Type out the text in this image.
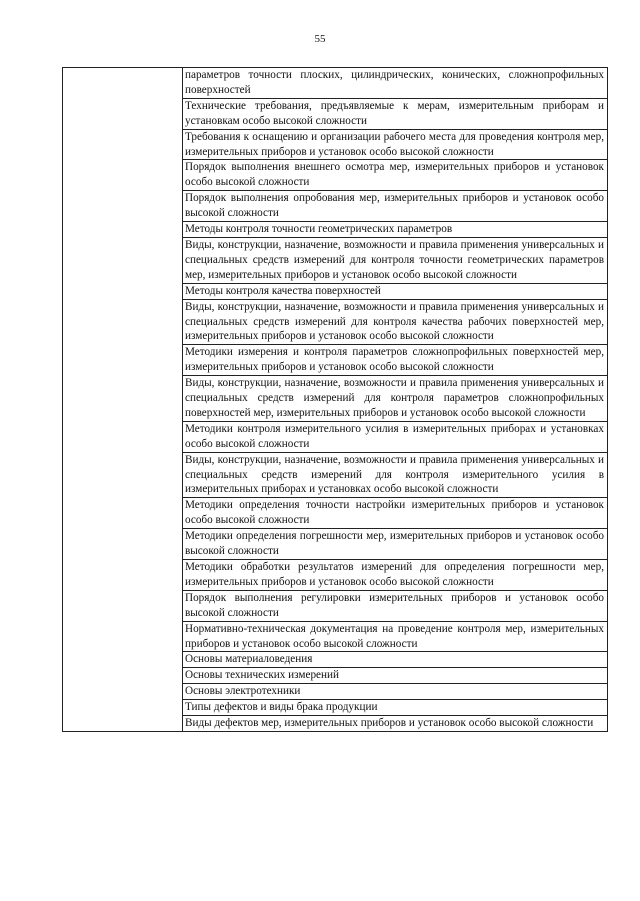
55
параметров точности плоских, цилиндрических, конических, сложнопрофильных поверхностей
Технические требования, предъявляемые к мерам, измерительным приборам и установкам особо высокой сложности
Требования к оснащению и организации рабочего места для проведения контроля мер, измерительных приборов и установок особо высокой сложности
Порядок выполнения внешнего осмотра мер, измерительных приборов и установок особо высокой сложности
Порядок выполнения опробования мер, измерительных приборов и установок особо высокой сложности
Методы контроля точности геометрических параметров
Виды, конструкции, назначение, возможности и правила применения универсальных и специальных средств измерений для контроля точности геометрических параметров мер, измерительных приборов и установок особо высокой сложности
Методы контроля качества поверхностей
Виды, конструкции, назначение, возможности и правила применения универсальных и специальных средств измерений для контроля качества рабочих поверхностей мер, измерительных приборов и установок особо высокой сложности
Методики измерения и контроля параметров сложнопрофильных поверхностей мер, измерительных приборов и установок особо высокой сложности
Виды, конструкции, назначение, возможности и правила применения универсальных и специальных средств измерений для контроля параметров сложнопрофильных поверхностей мер, измерительных приборов и установок особо высокой сложности
Методики контроля измерительного усилия в измерительных приборах и установках особо высокой сложности
Виды, конструкции, назначение, возможности и правила применения универсальных и специальных средств измерений для контроля измерительного усилия в измерительных приборах и установках особо высокой сложности
Методики определения точности настройки измерительных приборов и установок особо высокой сложности
Методики определения погрешности мер, измерительных приборов и установок особо высокой сложности
Методики обработки результатов измерений для определения погрешности мер, измерительных приборов и установок особо высокой сложности
Порядок выполнения регулировки измерительных приборов и установок особо высокой сложности
Нормативно-техническая документация на проведение контроля мер, измерительных приборов и установок особо высокой сложности
Основы материаловедения
Основы технических измерений
Основы электротехники
Типы дефектов и виды брака продукции
Виды дефектов мер, измерительных приборов и установок особо высокой сложности
